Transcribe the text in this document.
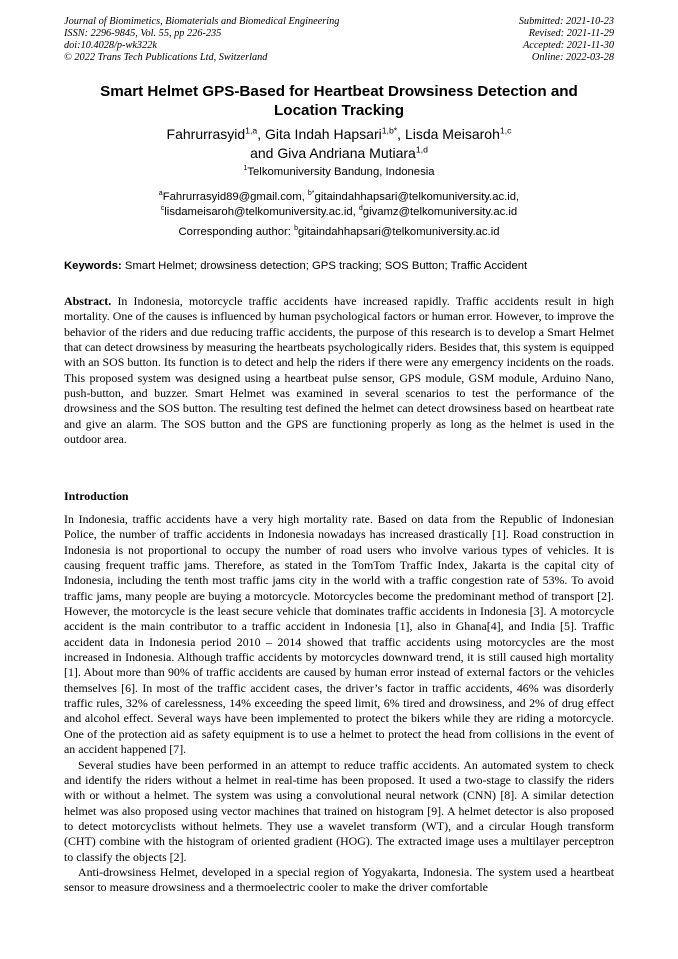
Journal of Biomimetics, Biomaterials and Biomedical Engineering
ISSN: 2296-9845, Vol. 55, pp 226-235
doi:10.4028/p-wk322k
© 2022 Trans Tech Publications Ltd, Switzerland
Submitted: 2021-10-23
Revised: 2021-11-29
Accepted: 2021-11-30
Online: 2022-03-28
Smart Helmet GPS-Based for Heartbeat Drowsiness Detection and
Location Tracking
Fahrurrasyid$^{1,a}$, Gita Indah Hapsari$^{1,b*}$, Lisda Meisaroh$^{1,c}$
and Giva Andriana Mutiara$^{1,d}$
$^1$Telkomuniversity Bandung, Indonesia
$^a$Fahrurrasyid89@gmail.com, $^{b*}$gitaindahhapsari@telkomuniversity.ac.id,
$^c$lisdameisaroh@telkomuniversity.ac.id, $^d$givamz@telkomuniversity.ac.id
Corresponding author: $^b$gitaindahhapsari@telkomuniversity.ac.id
Keywords: Smart Helmet; drowsiness detection; GPS tracking; SOS Button; Traffic Accident
Abstract. In Indonesia, motorcycle traffic accidents have increased rapidly. Traffic accidents result in high mortality. One of the causes is influenced by human psychological factors or human error. However, to improve the behavior of the riders and due reducing traffic accidents, the purpose of this research is to develop a Smart Helmet that can detect drowsiness by measuring the heartbeats psychologically riders. Besides that, this system is equipped with an SOS button. Its function is to detect and help the riders if there were any emergency incidents on the roads. This proposed system was designed using a heartbeat pulse sensor, GPS module, GSM module, Arduino Nano, push-button, and buzzer. Smart Helmet was examined in several scenarios to test the performance of the drowsiness and the SOS button. The resulting test defined the helmet can detect drowsiness based on heartbeat rate and give an alarm. The SOS button and the GPS are functioning properly as long as the helmet is used in the outdoor area.
Introduction

In Indonesia, traffic accidents have a very high mortality rate. Based on data from the Republic of Indonesian Police, the number of traffic accidents in Indonesia nowadays has increased drastically [1]. Road construction in Indonesia is not proportional to occupy the number of road users who involve various types of vehicles. It is causing frequent traffic jams. Therefore, as stated in the TomTom Traffic Index, Jakarta is the capital city of Indonesia, including the tenth most traffic jams city in the world with a traffic congestion rate of 53%. To avoid traffic jams, many people are buying a motorcycle. Motorcycles become the predominant method of transport [2]. However, the motorcycle is the least secure vehicle that dominates traffic accidents in Indonesia [3]. A motorcycle accident is the main contributor to a traffic accident in Indonesia [1], also in Ghana[4], and India [5]. Traffic accident data in Indonesia period 2010 – 2014 showed that traffic accidents using motorcycles are the most increased in Indonesia. Although traffic accidents by motorcycles downward trend, it is still caused high mortality [1]. About more than 90% of traffic accidents are caused by human error instead of external factors or the vehicles themselves [6]. In most of the traffic accident cases, the driver’s factor in traffic accidents, 46% was disorderly traffic rules, 32% of carelessness, 14% exceeding the speed limit, 6% tired and drowsiness, and 2% of drug effect and alcohol effect. Several ways have been implemented to protect the bikers while they are riding a motorcycle. One of the protection aid as safety equipment is to use a helmet to protect the head from collisions in the event of an accident happened [7].

Several studies have been performed in an attempt to reduce traffic accidents. An automated system to check and identify the riders without a helmet in real-time has been proposed. It used a two-stage to classify the riders with or without a helmet. The system was using a convolutional neural network (CNN) [8]. A similar detection helmet was also proposed using vector machines that trained on histogram [9]. A helmet detector is also proposed to detect motorcyclists without helmets. They use a wavelet transform (WT), and a circular Hough transform (CHT) combine with the histogram of oriented gradient (HOG). The extracted image uses a multilayer perceptron to classify the objects [2].

Anti-drowsiness Helmet, developed in a special region of Yogyakarta, Indonesia. The system used a heartbeat sensor to measure drowsiness and a thermoelectric cooler to make the driver comfortable
